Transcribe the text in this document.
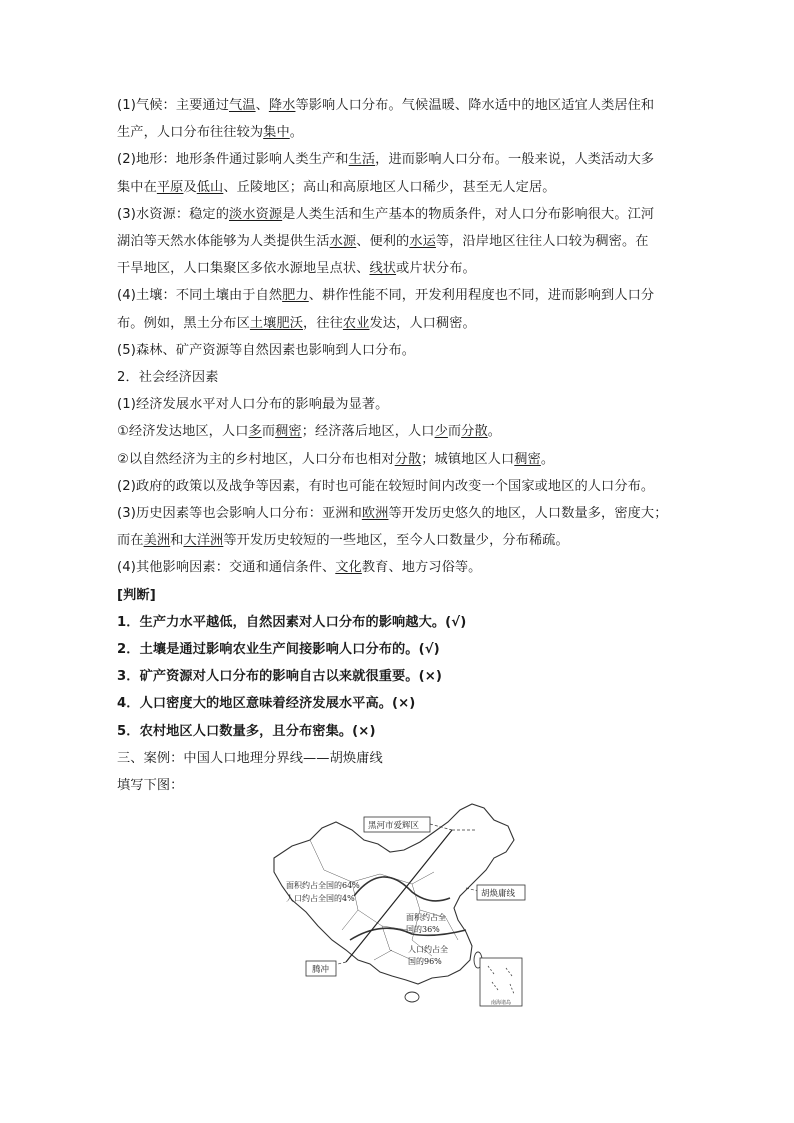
(1)气候：主要通过气温、降水等影响人口分布。气候温暖、降水适中的地区适宜人类居住和
生产，人口分布往往较为集中。
(2)地形：地形条件通过影响人类生产和生活，进而影响人口分布。一般来说，人类活动大多
集中在平原及低山、丘陵地区；高山和高原地区人口稀少，甚至无人定居。
(3)水资源：稳定的淡水资源是人类生活和生产基本的物质条件，对人口分布影响很大。江河
湖泊等天然水体能够为人类提供生活水源、便利的水运等，沿岸地区往往人口较为稠密。在
干旱地区，人口集聚区多依水源地呈点状、线状或片状分布。
(4)土壤：不同土壤由于自然肥力、耕作性能不同，开发利用程度也不同，进而影响到人口分
布。例如，黑土分布区土壤肥沃，往往农业发达，人口稠密。
(5)森林、矿产资源等自然因素也影响到人口分布。
2．社会经济因素
(1)经济发展水平对人口分布的影响最为显著。
①经济发达地区，人口多而稠密；经济落后地区，人口少而分散。
②以自然经济为主的乡村地区，人口分布也相对分散；城镇地区人口稠密。
(2)政府的政策以及战争等因素，有时也可能在较短时间内改变一个国家或地区的人口分布。
(3)历史因素等也会影响人口分布：亚洲和欧洲等开发历史悠久的地区，人口数量多，密度大；
而在美洲和大洋洲等开发历史较短的一些地区，至今人口数量少，分布稀疏。
(4)其他影响因素：交通和通信条件、文化教育、地方习俗等。
[判断]
1．生产力水平越低，自然因素对人口分布的影响越大。(√)
2．土壤是通过影响农业生产间接影响人口分布的。(√)
3．矿产资源对人口分布的影响自古以来就很重要。(×)
4．人口密度大的地区意味着经济发展水平高。(×)
5．农村地区人口数量多，且分布密集。(×)
三、案例：中国人口地理分界线——胡焕庸线
填写下图：
黑河市爱辉区
胡焕庸线
腾冲
面积约占全国的64%
人口约占全国的4%
面积约占全
国的36%
人口约占全
国的96%
南海诸岛
